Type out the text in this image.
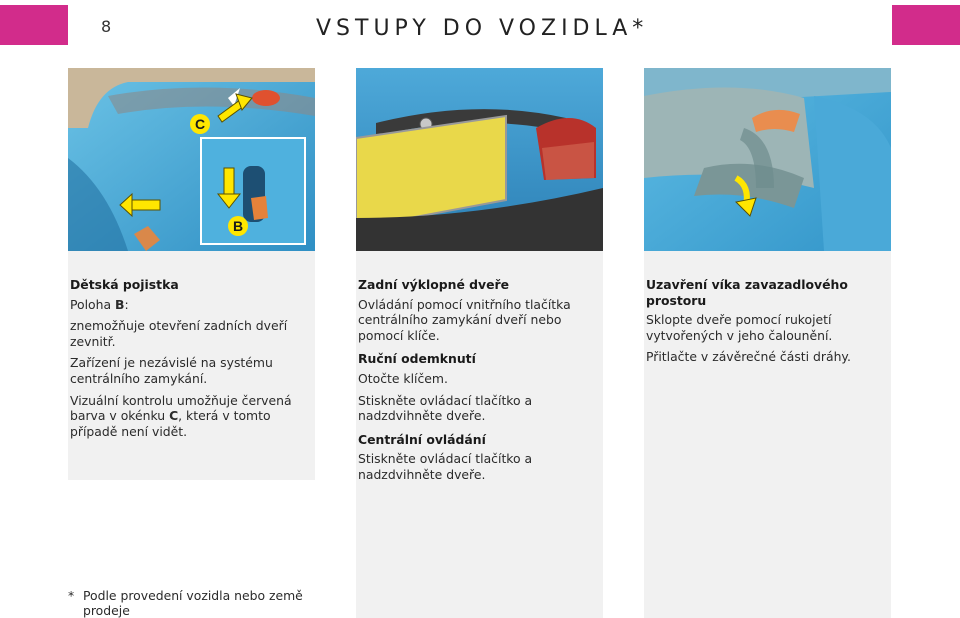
8	VSTUPY DO VOZIDLA*
C
B
Dětská pojistka

Poloha B:

znemožňuje otevření zadních dveří zevnitř.

Zařízení je nezávislé na systému centrálního zamykání.

Vizuální kontrolu umožňuje červená barva v okénku C, která v tomto případě není vidět.

Zadní výklopné dveře

Ovládání pomocí vnitřního tlačítka centrálního zamykání dveří nebo pomocí klíče.

Ruční odemknutí

Otočte klíčem.

Stiskněte ovládací tlačítko a nadzdvihněte dveře.

Centrální ovládání

Stiskněte ovládací tlačítko a nadzdvihněte dveře.

Uzavření víka zavazadlového prostoru

Sklopte dveře pomocí rukojetí vytvořených v jeho čalounění.

Přitlačte v závěrečné části dráhy.

* Podle provedení vozidla nebo země prodeje
